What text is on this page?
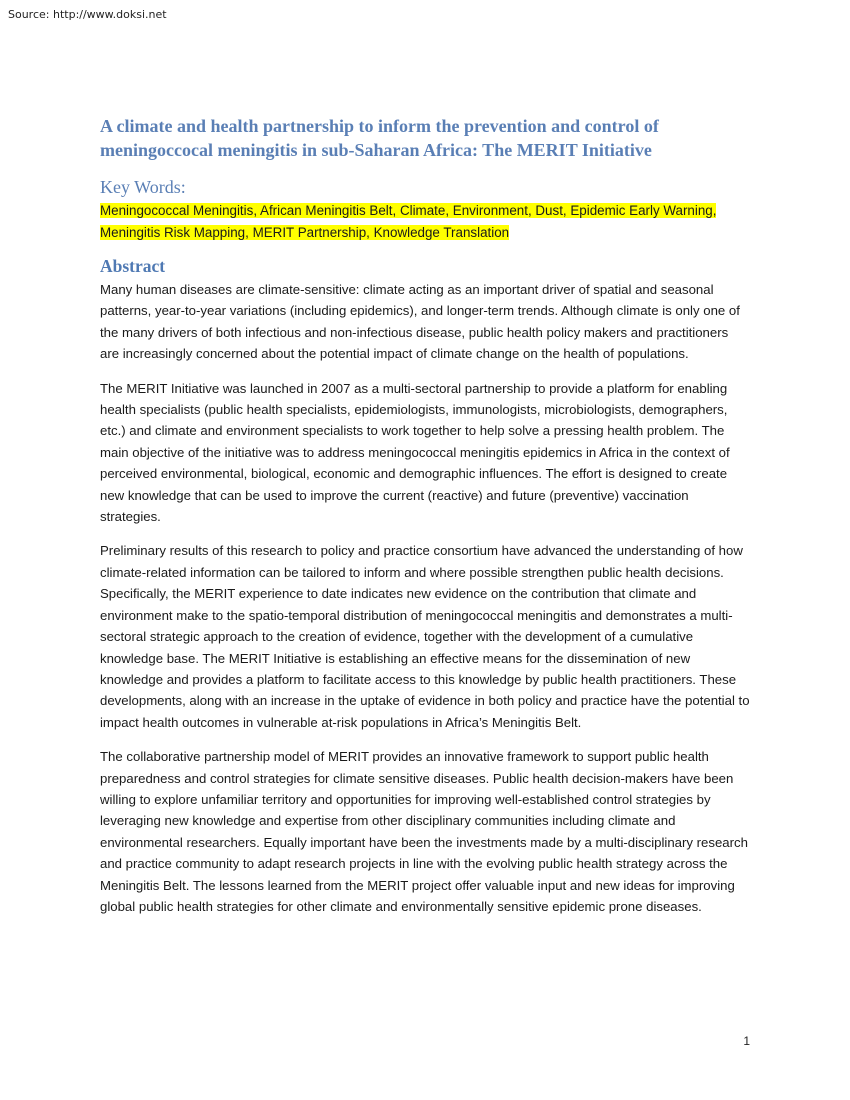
Source: http://www.doksi.net
A climate and health partnership to inform the prevention and control of meningoccocal meningitis in sub-Saharan Africa: The MERIT Initiative
Key Words:

Meningococcal Meningitis, African Meningitis Belt, Climate, Environment, Dust, Epidemic Early Warning, Meningitis Risk Mapping, MERIT Partnership, Knowledge Translation

Abstract

Many human diseases are climate-sensitive: climate acting as an important driver of spatial and seasonal patterns, year-to-year variations (including epidemics), and longer-term trends. Although climate is only one of the many drivers of both infectious and non-infectious disease, public health policy makers and practitioners are increasingly concerned about the potential impact of climate change on the health of populations.

The MERIT Initiative was launched in 2007 as a multi-sectoral partnership to provide a platform for enabling health specialists (public health specialists, epidemiologists, immunologists, microbiologists, demographers, etc.) and climate and environment specialists to work together to help solve a pressing health problem. The main objective of the initiative was to address meningococcal meningitis epidemics in Africa in the context of perceived environmental, biological, economic and demographic influences. The effort is designed to create new knowledge that can be used to improve the current (reactive) and future (preventive) vaccination strategies.

Preliminary results of this research to policy and practice consortium have advanced the understanding of how climate-related information can be tailored to inform and where possible strengthen public health decisions. Specifically, the MERIT experience to date indicates new evidence on the contribution that climate and environment make to the spatio-temporal distribution of meningococcal meningitis and demonstrates a multi-sectoral strategic approach to the creation of evidence, together with the development of a cumulative knowledge base. The MERIT Initiative is establishing an effective means for the dissemination of new knowledge and provides a platform to facilitate access to this knowledge by public health practitioners. These developments, along with an increase in the uptake of evidence in both policy and practice have the potential to impact health outcomes in vulnerable at-risk populations in Africa’s Meningitis Belt.

The collaborative partnership model of MERIT provides an innovative framework to support public health preparedness and control strategies for climate sensitive diseases. Public health decision-makers have been willing to explore unfamiliar territory and opportunities for improving well-established control strategies by leveraging new knowledge and expertise from other disciplinary communities including climate and environmental researchers. Equally important have been the investments made by a multi-disciplinary research and practice community to adapt research projects in line with the evolving public health strategy across the Meningitis Belt. The lessons learned from the MERIT project offer valuable input and new ideas for improving global public health strategies for other climate and environmentally sensitive epidemic prone diseases.

1
